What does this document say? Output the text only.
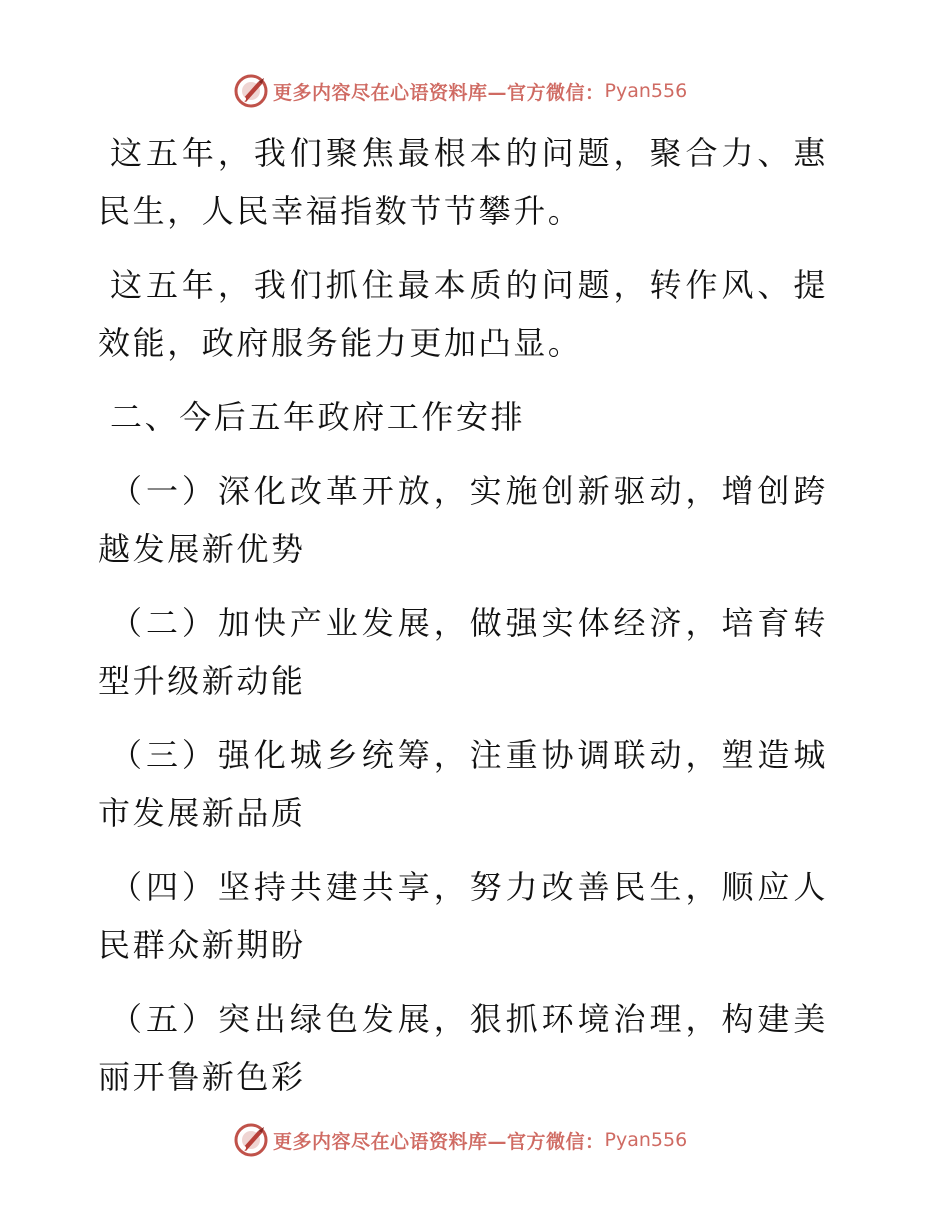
更多内容尽在心语资料库—官方微信： Pyan556

这五年，我们聚焦最根本的问题，聚合力、惠民生，人民幸福指数节节攀升。

这五年，我们抓住最本质的问题，转作风、提效能，政府服务能力更加凸显。

二、今后五年政府工作安排

（一）深化改革开放，实施创新驱动，增创跨越发展新优势

（二）加快产业发展，做强实体经济，培育转型升级新动能

（三）强化城乡统筹，注重协调联动，塑造城市发展新品质

（四）坚持共建共享，努力改善民生，顺应人民群众新期盼

（五）突出绿色发展，狠抓环境治理，构建美丽开鲁新色彩

更多内容尽在心语资料库—官方微信： Pyan556
